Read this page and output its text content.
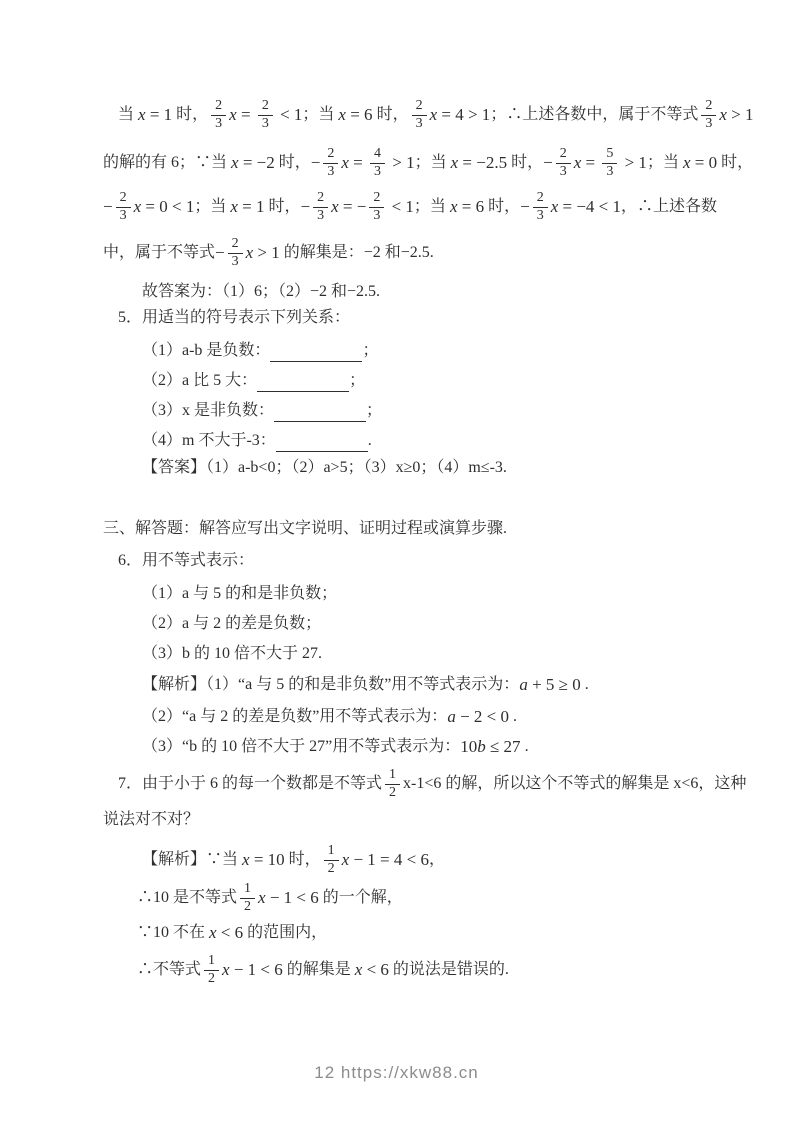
当 x = 1 时， $\frac{2}{3}$ $x = \frac{2}{3} < 1$ ；当 x = 6 时， $\frac{2}{3}$ x = 4 > 1 ；∴上述各数中，属于不等式 $\frac{2}{3}$ x > 1
的解的有 6；∵当 x = −2 时， − $\frac{2}{3}$ $x = \frac{4}{3} > 1$ ；当 x = −2.5 时， − $\frac{2}{3}$ $x = \frac{5}{3} > 1$ ；当 x = 0 时，
− $\frac{2}{3}$ x = 0 < 1 ；当 x = 1 时， − $\frac{2}{3}$ x = − $\frac{2}{3} < 1$ ；当 x = 6 时， − $\frac{2}{3}$ x = −4 < 1 ，∴上述各数
中，属于不等式 − $\frac{2}{3}$ x > 1 的解集是：−2 和−2.5.
故答案为：（1）6；（2）−2 和−2.5.
5．用适当的符号表示下列关系：
（1）a-b 是负数：	；
（2）a 比 5 大：	；
（3）x 是非负数：	；
（4）m 不大于-3：	.
【答案】（1）a-b<0；（2）a>5；（3）x≥0；（4）m≤-3.
三、解答题：解答应写出文字说明、证明过程或演算步骤.
6．用不等式表示：
（1）a 与 5 的和是非负数；
（2）a 与 2 的差是负数；
（3）b 的 10 倍不大于 27.
【解析】（1）“a 与 5 的和是非负数”用不等式表示为： a + 5 ≥ 0 .
（2）“a 与 2 的差是负数”用不等式表示为： a − 2 < 0 .
（3）“b 的 10 倍不大于 27”用不等式表示为： 10 b ≤ 27 .
7．由于小于 6 的每一个数都是不等式 $\frac{1}{2} x-1<6$ 的解，所以这个不等式的解集是 x<6，这种
说法对不对？
【解析】∵当 x = 10 时， $\frac{1}{2}$ x − 1 = 4 < 6 ，
∴10 是不等式 $\frac{1}{2}$ x − 1 < 6 的一个解，
∵10 不在 x < 6 的范围内，
∴不等式 $\frac{1}{2}$ x − 1 < 6 的解集是 x < 6 的说法是错误的.
12 https://xkw88.cn
